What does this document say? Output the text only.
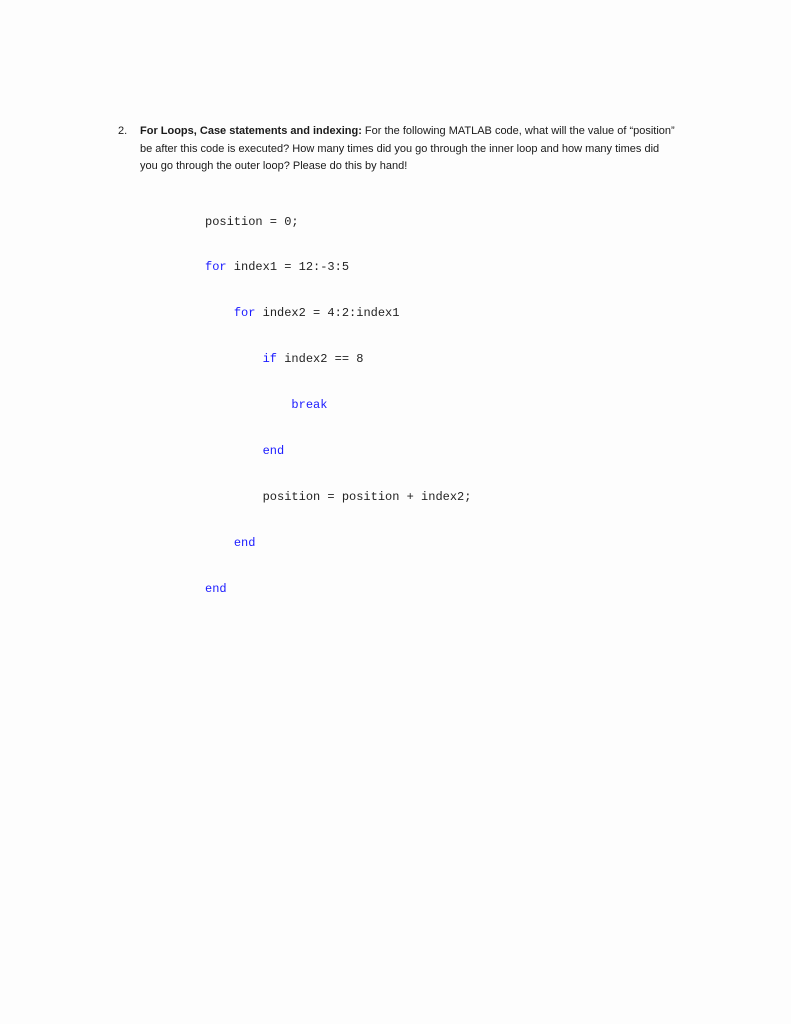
2. For Loops, Case statements and indexing: For the following MATLAB code, what will the value of “position” be after this code is executed? How many times did you go through the inner loop and how many times did you go through the outer loop? Please do this by hand!

position = 0;

for index1 = 12:-3:5

for index2 = 4:2:index1

if index2 == 8

break

end

position = position + index2;

end

end
